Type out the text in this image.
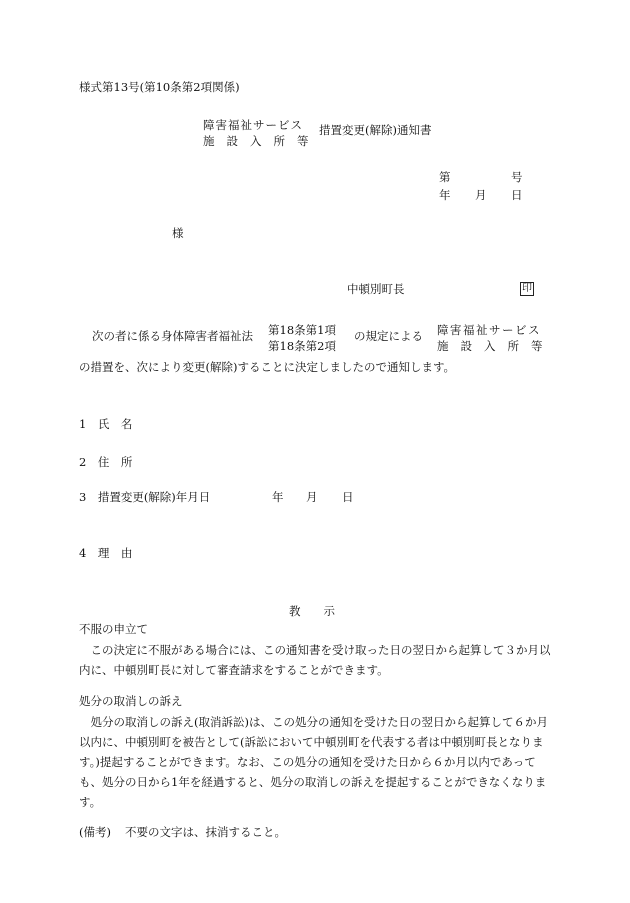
様式第13号(第10条第2項関係)
障害福祉サービス
施設入所等
措置変更(解除)通知書
第	号
年 月 日
様
中頓別町長	印
次の者に係る身体障害者福祉法 第18条第1項
第18条第2項
の規定による 障害福祉サービス
施設入所等
の措置を、次により変更(解除)することに決定しましたので通知します。
1　氏　名
2　住　所
3　措置変更(解除)年月日	年 月 日
4　理　由
教　　示
不服の申立て
この決定に不服がある場合には、この通知書を受け取った日の翌日から起算して３か月以内に、中頓別町長に対して審査請求をすることができます。
処分の取消しの訴え
処分の取消しの訴え(取消訴訟)は、この処分の通知を受けた日の翌日から起算して６か月以内に、中頓別町を被告として(訴訟において中頓別町を代表する者は中頓別町長となります。)提起することができます。なお、この処分の通知を受けた日から６か月以内であっても、処分の日から1年を経過すると、処分の取消しの訴えを提起することができなくなります。
(備考) 不要の文字は、抹消すること。
